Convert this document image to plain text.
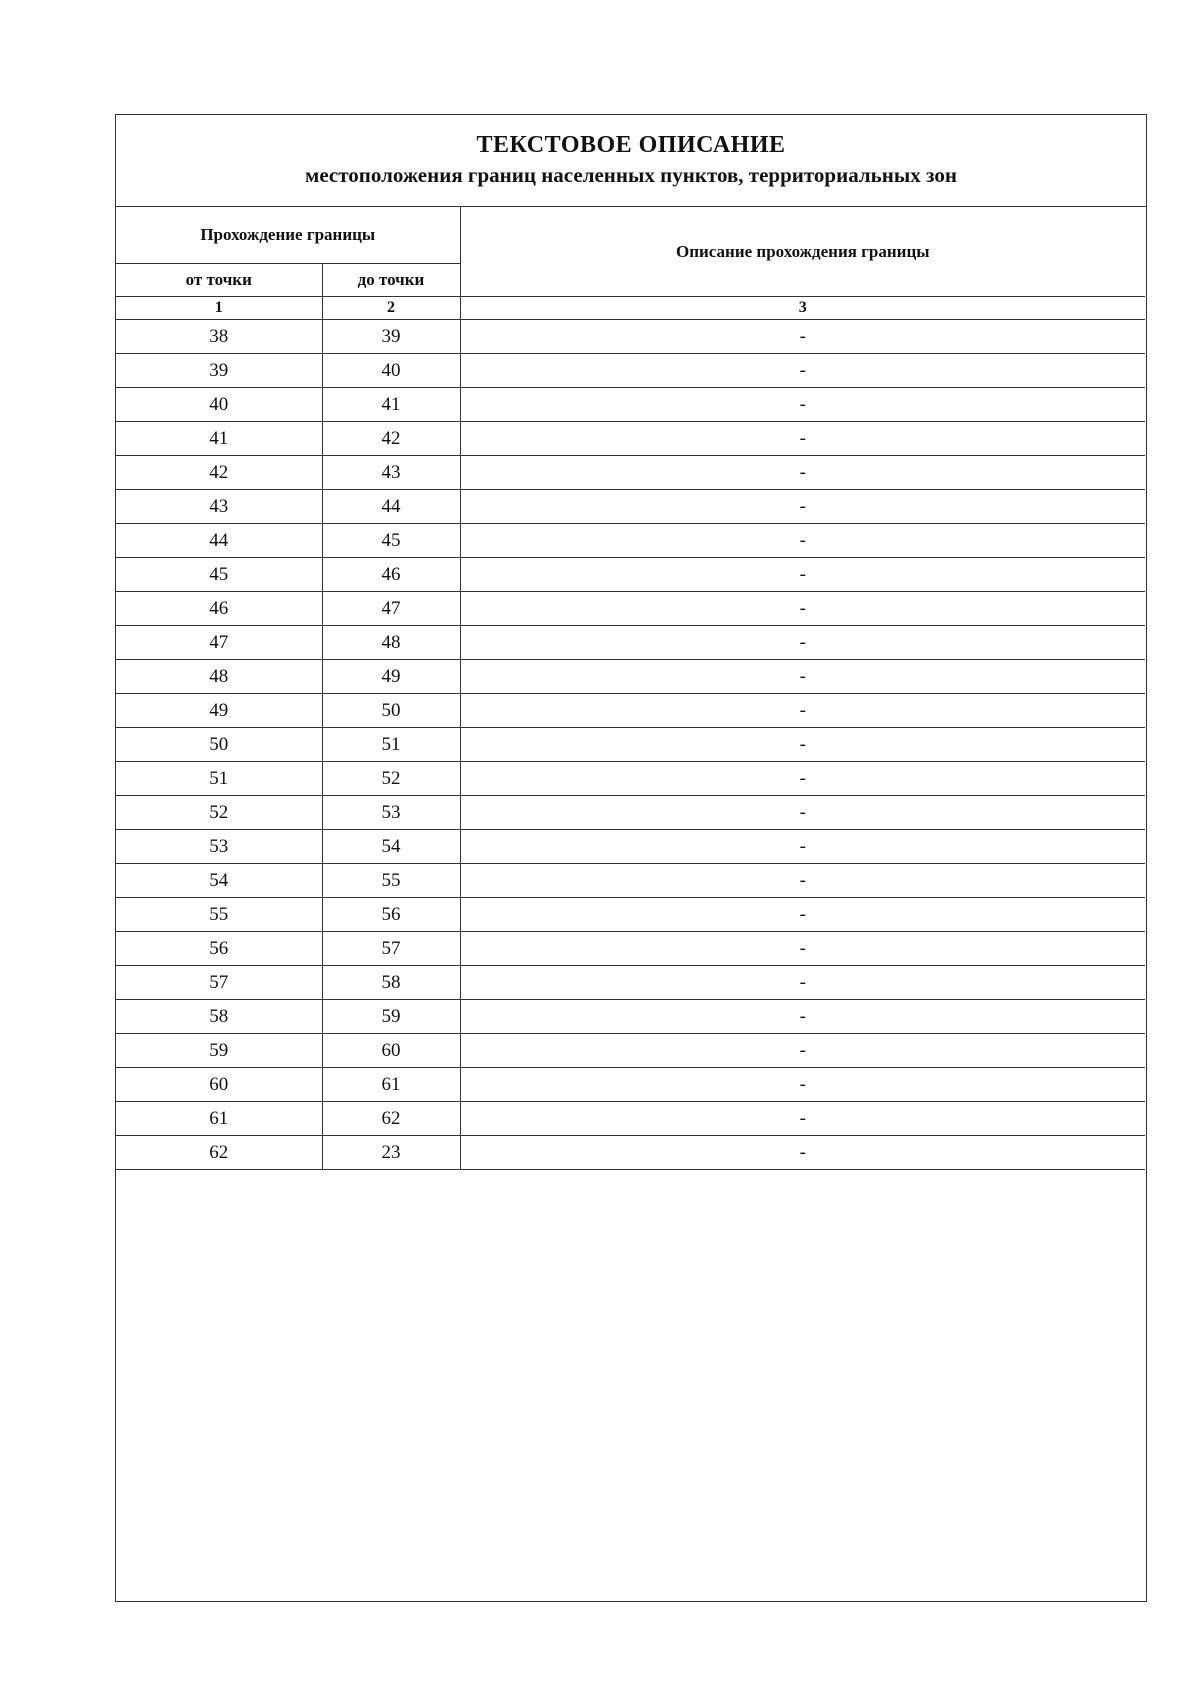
ТЕКСТОВОЕ ОПИСАНИЕ
местоположения границ населенных пунктов, территориальных зон
Прохождение границы		Описание прохождения границы
от точки	до точки	
1	2	3
38	39	-
39	40	-
40	41	-
41	42	-
42	43	-
43	44	-
44	45	-
45	46	-
46	47	-
47	48	-
48	49	-
49	50	-
50	51	-
51	52	-
52	53	-
53	54	-
54	55	-
55	56	-
56	57	-
57	58	-
58	59	-
59	60	-
60	61	-
61	62	-
62	23	-
